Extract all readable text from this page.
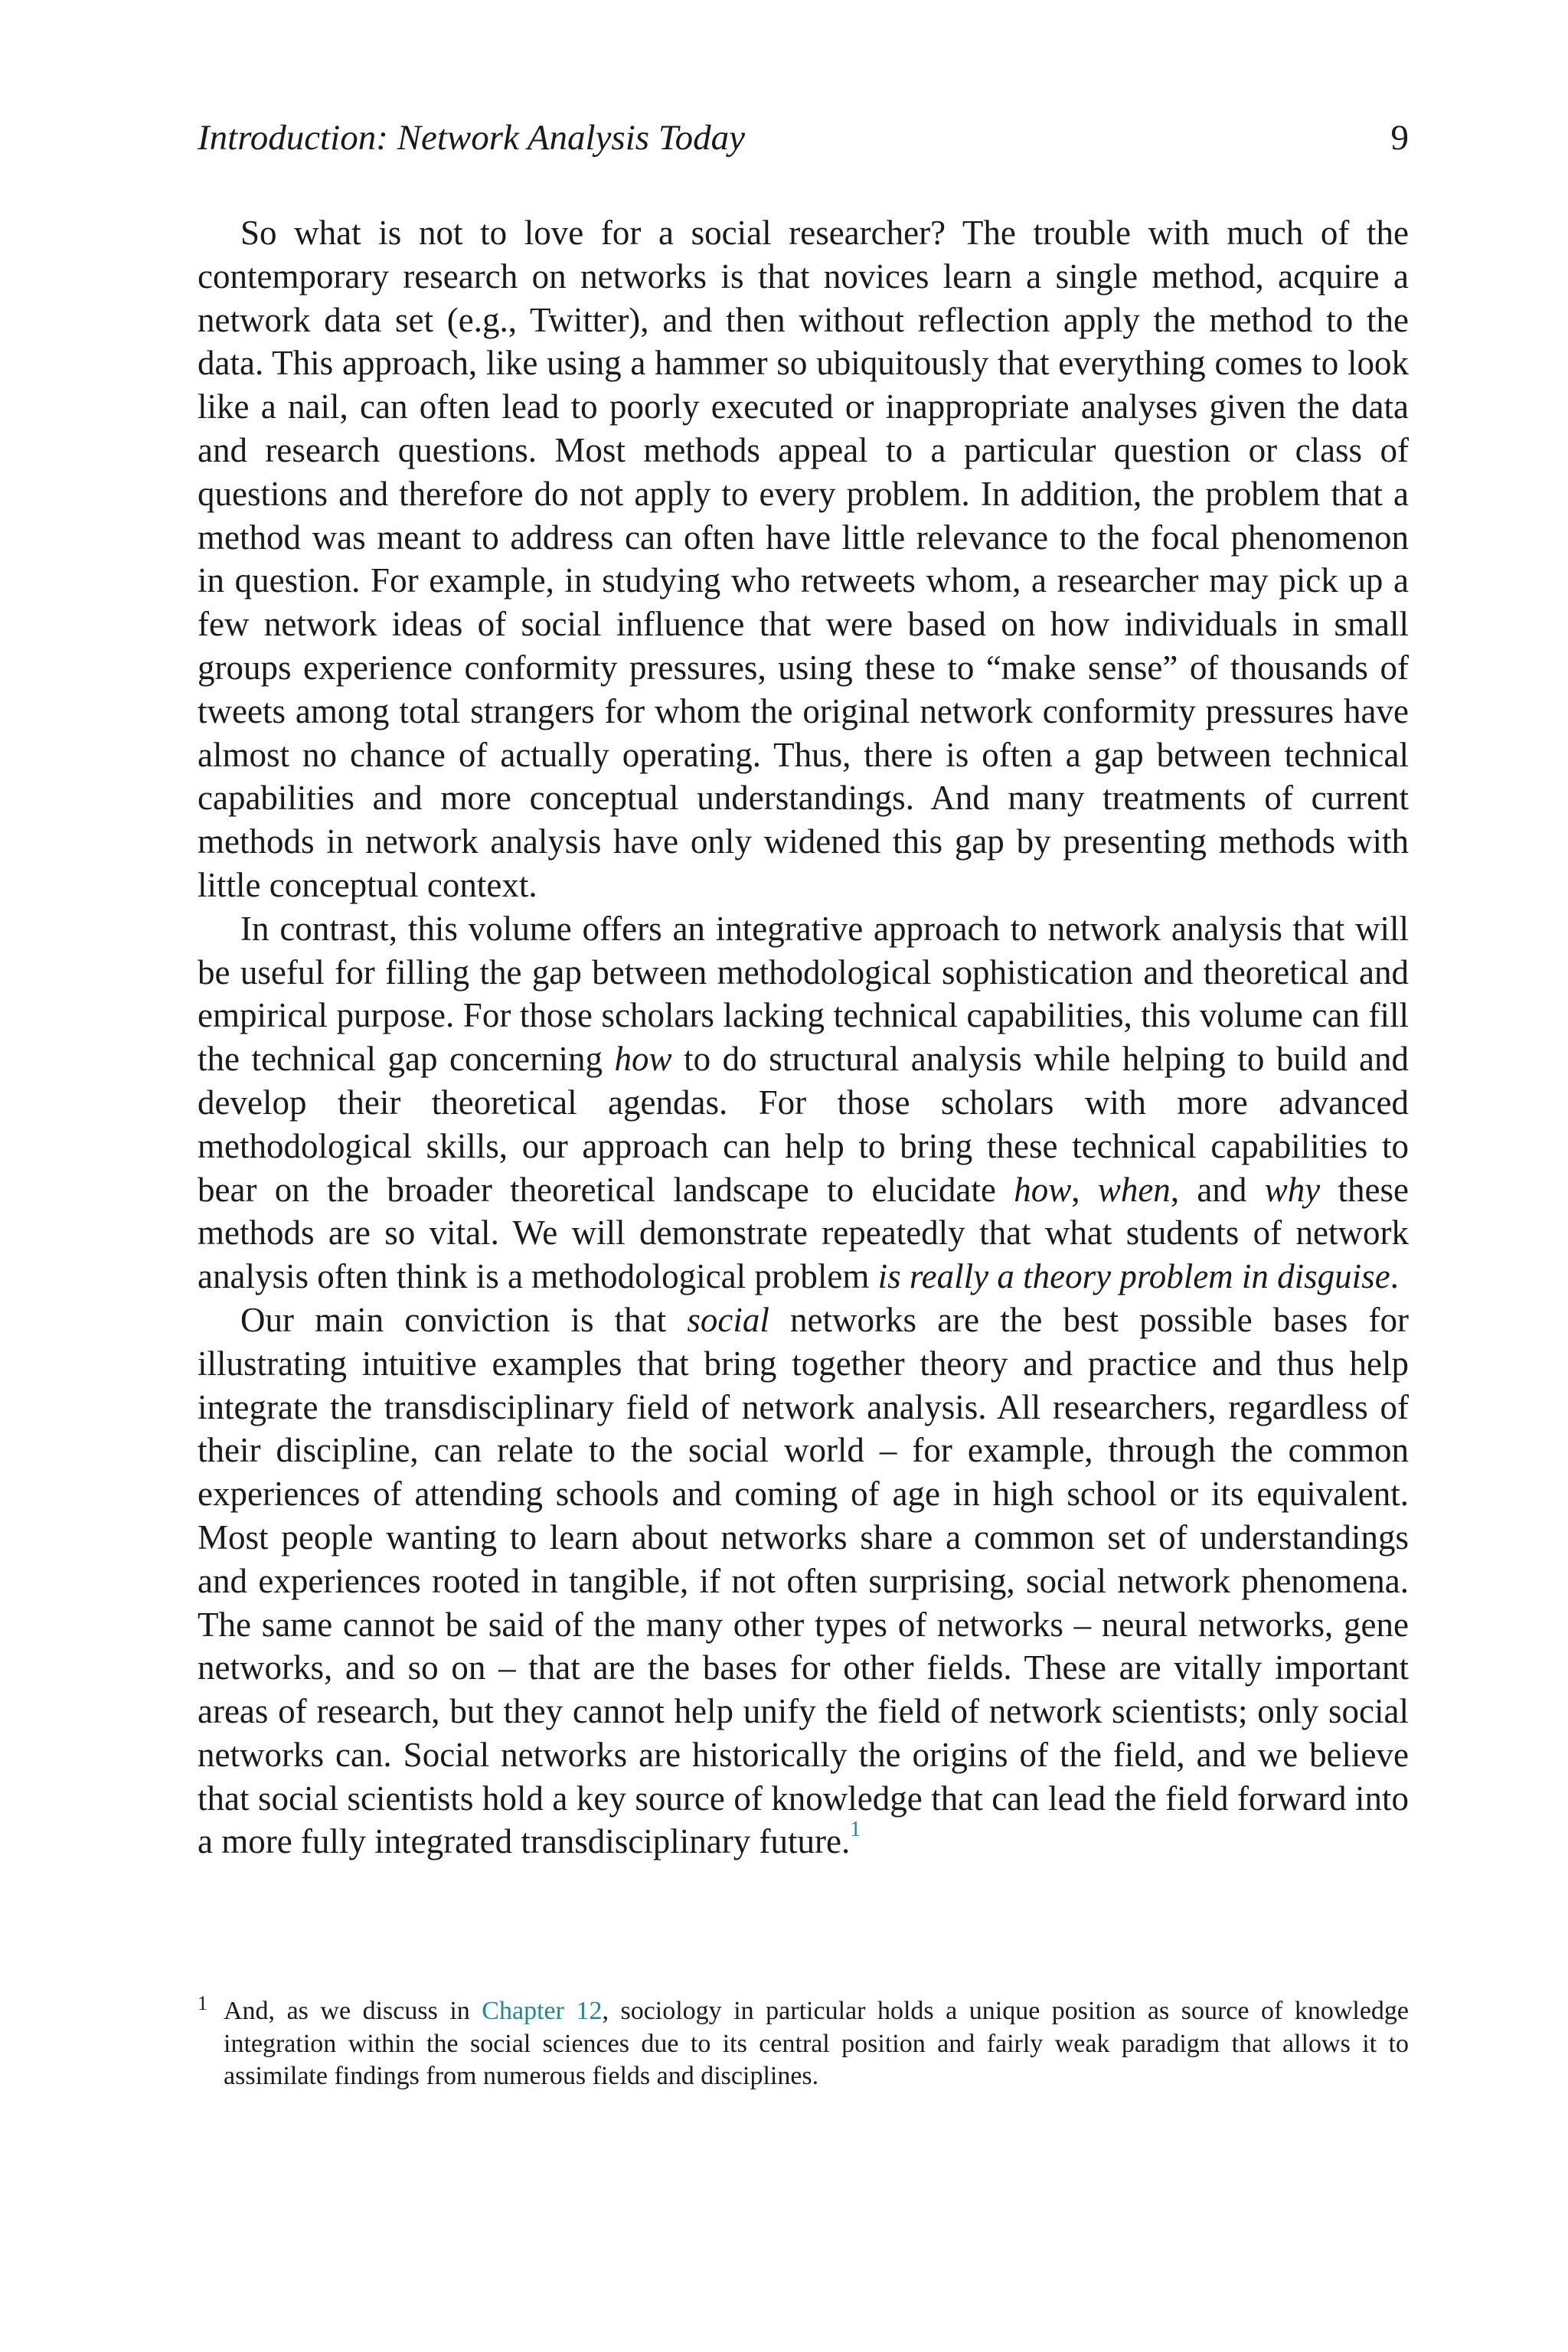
Introduction: Network Analysis Today	9

So what is not to love for a social researcher? The trouble with much of the contemporary research on networks is that novices learn a single method, acquire a network data set (e.g., Twitter), and then without reflection apply the method to the data. This approach, like using a hammer so ubiquitously that everything comes to look like a nail, can often lead to poorly executed or inappropriate analyses given the data and research questions. Most methods appeal to a particular question or class of questions and therefore do not apply to every problem. In addition, the problem that a method was meant to address can often have little relevance to the focal phenomenon in question. For example, in studying who retweets whom, a researcher may pick up a few network ideas of social influence that were based on how individuals in small groups experience conformity pressures, using these to “make sense” of thousands of tweets among total strangers for whom the original network conformity pressures have almost no chance of actually operating. Thus, there is often a gap between technical capabilities and more conceptual understandings. And many treatments of current methods in network analysis have only widened this gap by presenting methods with little conceptual context.

In contrast, this volume offers an integrative approach to network analysis that will be useful for filling the gap between methodological sophistication and theoretical and empirical purpose. For those scholars lacking technical capabilities, this volume can fill the technical gap concerning how to do structural analysis while helping to build and develop their theoretical agendas. For those scholars with more advanced methodological skills, our approach can help to bring these technical capabilities to bear on the broader theoretical landscape to elucidate how, when, and why these methods are so vital. We will demonstrate repeatedly that what students of network analysis often think is a methodological problem is really a theory problem in disguise.

Our main conviction is that social networks are the best possible bases for illustrating intuitive examples that bring together theory and practice and thus help integrate the transdisciplinary field of network analysis. All researchers, regardless of their discipline, can relate to the social world – for example, through the common experiences of attending schools and coming of age in high school or its equivalent. Most people wanting to learn about networks share a common set of understandings and experiences rooted in tangible, if not often surprising, social network phenomena. The same cannot be said of the many other types of networks – neural networks, gene networks, and so on – that are the bases for other fields. These are vitally important areas of research, but they cannot help unify the field of network scientists; only social networks can. Social networks are historically the origins of the field, and we believe that social scientists hold a key source of knowledge that can lead the field forward into a more fully integrated transdisciplinary future.$^1$

1 And, as we discuss in Chapter 12, sociology in particular holds a unique position as source of knowledge integration within the social sciences due to its central position and fairly weak paradigm that allows it to assimilate findings from numerous fields and disciplines.
